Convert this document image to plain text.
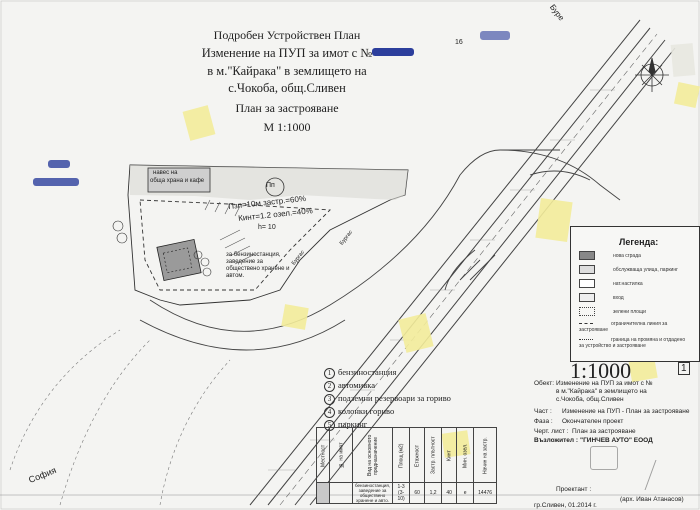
Подробен Устройствен План
Изменение на ПУП за имот с №
в м."Кайрака" в землището на
с.Чокоба, общ.Сливен
План за застрояване
М 1:1000
навес на
обща храна и кафе
Пп
Пзп=10м застр.=60%
Кинт=1.2 озел.=40%
h= 10
за бензиностанция, заведение за обществено хранене и автом.
Буре
Бургас
Бургас
София
16
Легенда:
нова сграда
обслужваща улица, паркинг
нат.настилка
вход
зелени площи
ограничителна линия за застрояване
граница на промяна и отдадено за устройство и застрояване
1:1000	1
1 бензиностанция
2 автомивка
3 подземни резервоари за гориво
4 колонки гориво
5 паркинг
Местност	№ на имот	Вид на основното предназначение	Площ (м2)	Етажност	Застр. плътност	Кинт	Мин. озел.	Начин на застр.
		бензиностанция, заведение за обществено хранене и авто.	1-3 (3-10)	60	1,2	40	е	14476
Обект: Изменение на ПУП за имот с №
в м."Кайрака" в землището на
с.Чокоба, общ.Сливен
Част : Изменение на ПУП - План за застрояване
Фаза : Окончателен проект
Черт. лист : План за застрояване
Възложител : "ГИНЧЕВ АУТО" ЕООД
Проектант :
(арх. Иван Атанасов)
гр.Сливен, 01.2014 г.
